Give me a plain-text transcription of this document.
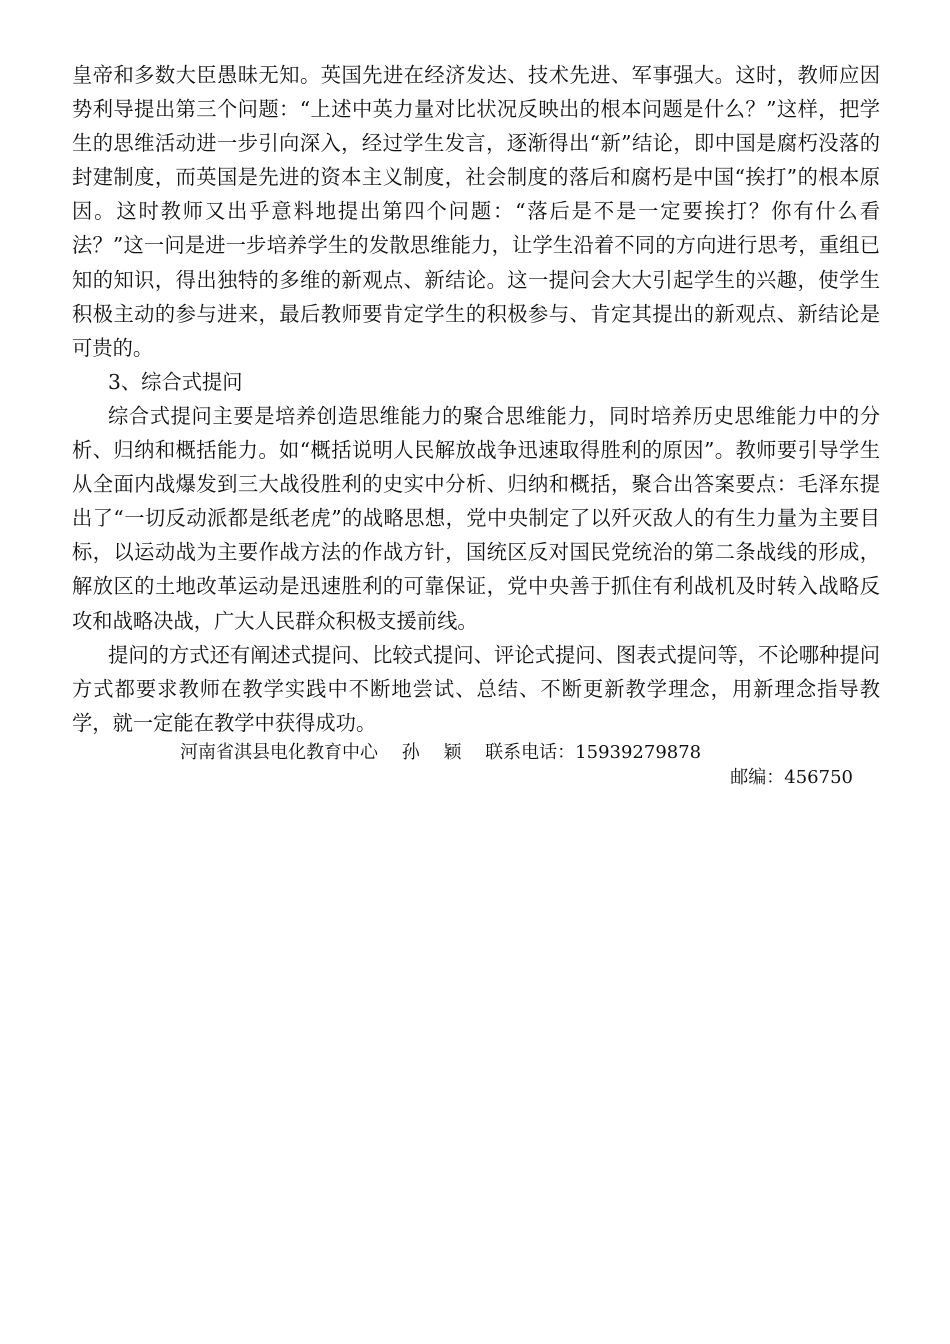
皇帝和多数大臣愚昧无知。英国先进在经济发达、技术先进、军事强大。这时，教师应因势利导提出第三个问题：“上述中英力量对比状况反映出的根本问题是什么？”这样，把学生的思维活动进一步引向深入，经过学生发言，逐渐得出“新”结论，即中国是腐朽没落的封建制度，而英国是先进的资本主义制度，社会制度的落后和腐朽是中国“挨打”的根本原因。这时教师又出乎意料地提出第四个问题：“落后是不是一定要挨打？你有什么看法？”这一问是进一步培养学生的发散思维能力，让学生沿着不同的方向进行思考，重组已知的知识，得出独特的多维的新观点、新结论。这一提问会大大引起学生的兴趣，使学生积极主动的参与进来，最后教师要肯定学生的积极参与、肯定其提出的新观点、新结论是可贵的。

3、综合式提问

综合式提问主要是培养创造思维能力的聚合思维能力，同时培养历史思维能力中的分析、归纳和概括能力。如“概括说明人民解放战争迅速取得胜利的原因”。教师要引导学生从全面内战爆发到三大战役胜利的史实中分析、归纳和概括，聚合出答案要点：毛泽东提出了“一切反动派都是纸老虎”的战略思想，党中央制定了以歼灭敌人的有生力量为主要目标，以运动战为主要作战方法的作战方针，国统区反对国民党统治的第二条战线的形成，解放区的土地改革运动是迅速胜利的可靠保证，党中央善于抓住有利战机及时转入战略反攻和战略决战，广大人民群众积极支援前线。

提问的方式还有阐述式提问、比较式提问、评论式提问、图表式提问等，不论哪种提问　方式都要求教师在教学实践中不断地尝试、总结、不断更新教学理念，用新理念指导教学，就一定能在教学中获得成功。

河南省淇县电化教育中心　 孙　 颖　 联系电话：15939279878

邮编：456750
